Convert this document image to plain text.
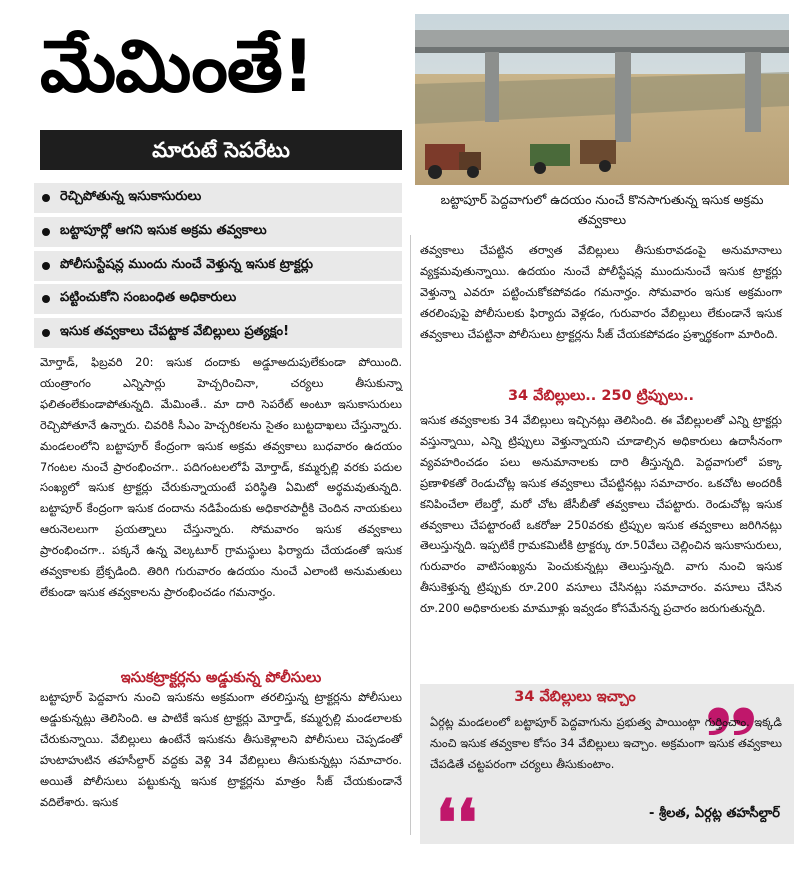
మేమింతే!
మారుటే సెపరేటు
బట్టాపూర్ పెద్దవాగులో ఉదయం నుంచే కొనసాగుతున్న ఇసుక అక్రమ తవ్వకాలు
రెచ్చిపోతున్న ఇసుకాసురులు
బట్టాపూర్లో ఆగని ఇసుక అక్రమ తవ్వకాలు
పోలీసుస్టేషన్ల ముందు నుంచే వెళ్తున్న ఇసుక ట్రాక్టర్లు
పట్టించుకోని సంబంధిత అధికారులు
ఇసుక తవ్వకాలు చేపట్టాక వేబిల్లులు ప్రత్యక్షం!
మోర్తాడ్, ఫిబ్రవరి 20: ఇసుక దందాకు అడ్డూఅదుపులేకుండా పోయింది. యంత్రాంగం ఎన్నిసార్లు హెచ్చరించినా, చర్యలు తీసుకున్నా ఫలితంలేకుండాపోతున్నది. మేమింతే.. మా దారి సెపరేట్ అంటూ ఇసుకాసురులు రెచ్చిపోతూనే ఉన్నారు. చివరికి సీఎం హెచ్చరికలను సైతం బుట్టదాఖలు చేస్తున్నారు. మండలంలోని బట్టాపూర్ కేంద్రంగా ఇసుక అక్రమ తవ్వకాలు బుధవారం ఉదయం 7గంటల నుంచే ప్రారంభించగా.. పదిగంటలలోపే మోర్తాడ్, కమ్మర్పల్లి వరకు పదుల సంఖ్యలో ఇసుక ట్రాక్టర్లు చేరుకున్నాయంటే పరిస్థితి ఏమిటో అర్థమవుతున్నది. బట్టాపూర్ కేంద్రంగా ఇసుక దందాను నడిపేందుకు అధికారపార్టీకి చెందిన నాయకులు ఆరునెలలుగా ప్రయత్నాలు చేస్తున్నారు. సోమవారం ఇసుక తవ్వకాలు ప్రారంభించగా.. పక్కనే ఉన్న వెల్కటూర్ గ్రామస్థులు ఫిర్యాదు చేయడంతో ఇసుక తవ్వకాలకు బ్రేక్పడింది. తిరిగి గురువారం ఉదయం నుంచే ఎలాంటి అనుమతులు లేకుండా ఇసుక తవ్వకాలను ప్రారంభించడం గమనార్హం.
ఇసుకట్రాక్టర్లను అడ్డుకున్న పోలీసులు
బట్టాపూర్ పెద్దవాగు నుంచి ఇసుకను అక్రమంగా తరలిస్తున్న ట్రాక్టర్లను పోలీసులు అడ్డుకున్నట్లు తెలిసింది. ఆ పాటికే ఇసుక ట్రాక్టర్లు మోర్తాడ్, కమ్మర్పల్లి మండలాలకు చేరుకున్నాయి. వేబిల్లులు ఉంటేనే ఇసుకను తీసుకెళ్లాలని పోలీసులు చెప్పడంతో హుటాహుటిన తహసీల్దార్ వద్దకు వెళ్లి 34 వేబిల్లులు తీసుకున్నట్లు సమాచారం. అయితే పోలీసులు పట్టుకున్న ఇసుక ట్రాక్టర్లను మాత్రం సీజ్ చేయకుండానే వదిలేశారు. ఇసుక
తవ్వకాలు చేపట్టిన తర్వాత వేబిల్లులు తీసుకురావడంపై అనుమానాలు వ్యక్తమవుతున్నాయి. ఉదయం నుంచే పోలీస్టేషన్ల ముందునుంచే ఇసుక ట్రాక్టర్లు వెళ్తున్నా ఎవరూ పట్టించుకోకపోవడం గమనార్హం. సోమవారం ఇసుక అక్రమంగా తరలింపుపై పోలీసులకు ఫిర్యాదు వెళ్లడం, గురువారం వేబిల్లులు లేకుండానే ఇసుక తవ్వకాలు చేపట్టినా పోలీసులు ట్రాక్టర్లను సీజ్ చేయకపోవడం ప్రశ్నార్థకంగా మారింది.
34 వేబిల్లులు.. 250 ట్రిప్పులు..
ఇసుక తవ్వకాలకు 34 వేబిల్లులు ఇచ్చినట్లు తెలిసింది. ఈ వేబిల్లులతో ఎన్ని ట్రాక్టర్లు వస్తున్నాయి, ఎన్ని ట్రిప్పులు వెళ్తున్నాయని చూడాల్సిన అధికారులు ఉదాసీనంగా వ్యవహరించడం పలు అనుమానాలకు దారి తీస్తున్నది. పెద్దవాగులో పక్కా ప్రణాళికతో రెండుచోట్ల ఇసుక తవ్వకాలు చేపట్టినట్లు సమాచారం. ఒకచోట అందరికీ కనిపించేలా లేబర్తో, మరో చోట జేసీబీతో తవ్వకాలు చేపట్టారు. రెండుచోట్ల ఇసుక తవ్వకాలు చేపట్టారంటే ఒకరోజు 250వరకు ట్రిప్పుల ఇసుక తవ్వకాలు జరిగినట్లు తెలుస్తున్నది. ఇప్పటికే గ్రామకమిటీకి ట్రాక్టర్కు రూ.50వేలు చెల్లించిన ఇసుకాసురులు, గురువారం వాటిసంఖ్యను పెంచుకున్నట్లు తెలుస్తున్నది. వాగు నుంచి ఇసుక తీసుకెళ్తున్న ట్రిప్పుకు రూ.200 వసూలు చేసినట్లు సమాచారం. వసూలు చేసిన రూ.200 అధికారులకు మామూళ్లు ఇవ్వడం కోసమేనన్న ప్రచారం జరుగుతున్నది.
34 వేబిల్లులు ఇచ్చాం	❟❟
ఏర్గట్ల మండలంలో బట్టాపూర్ పెద్దవాగును ప్రభుత్వ పాయింట్గా గుర్తించాం. ఇక్కడి నుంచి ఇసుక తవ్వకాల కోసం 34 వేబిల్లులు ఇచ్చాం. అక్రమంగా ఇసుక తవ్వకాలు చేపడితే చట్టపరంగా చర్యలు తీసుకుంటాం.
❛❛	- శ్రీలత, ఏర్గట్ల తహసీల్దార్
